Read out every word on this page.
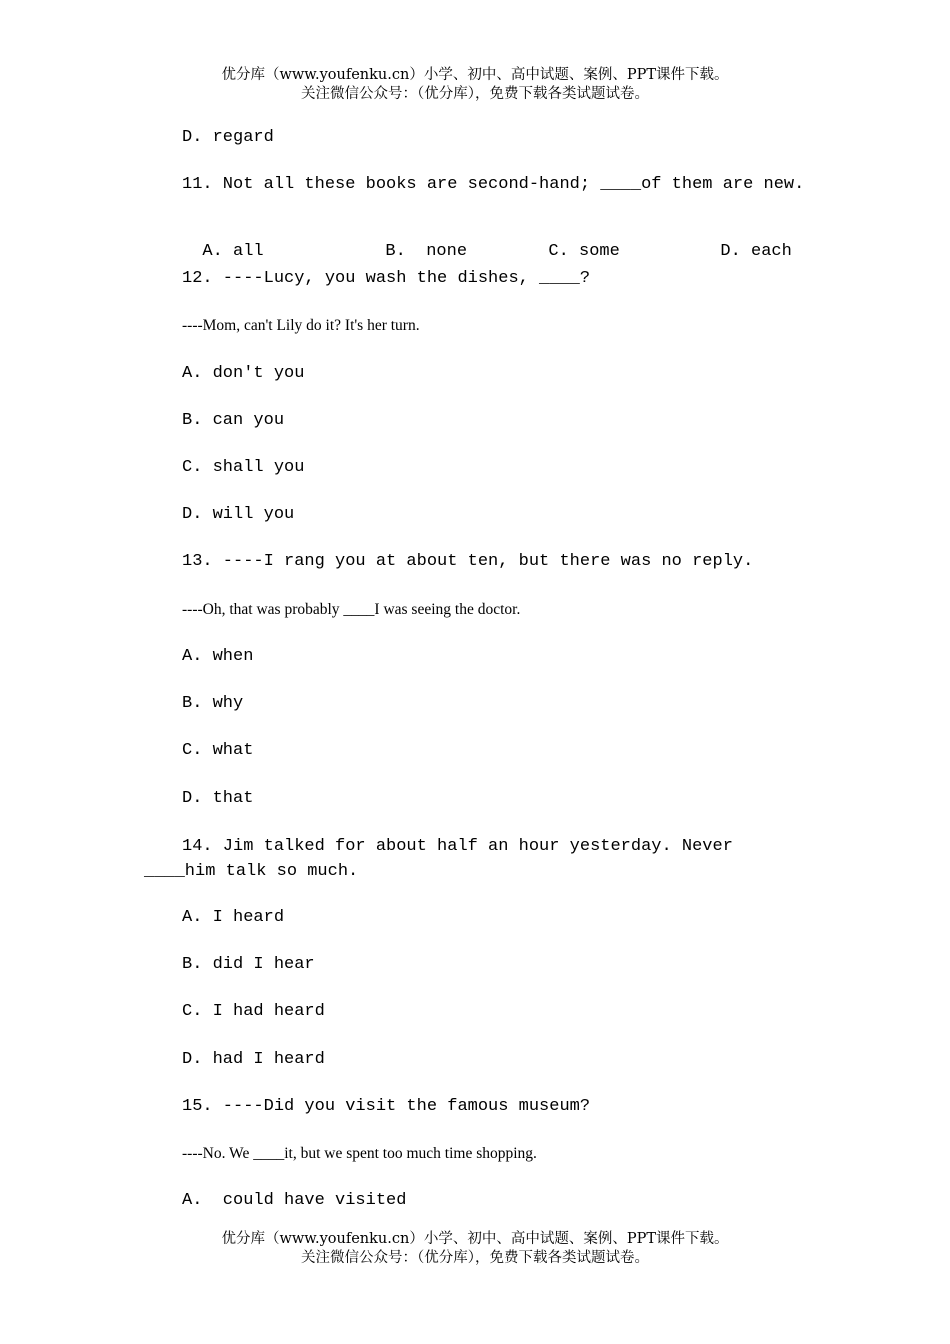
优分库（www.youfenku.cn）小学、初中、高中试题、案例、PPT课件下载。
关注微信公众号：（优分库），免费下载各类试题试卷。
D. regard
11. Not all these books are second-hand; ____of them are new.

A. all	B.  none	C. some	D. each

12. ----Lucy, you wash the dishes, ____?
----Mom, can't Lily do it? It's her turn.
A. don't you
B. can you
C. shall you
D. will you
13. ----I rang you at about ten, but there was no reply.
----Oh, that was probably ____I was seeing the doctor.
A. when
B. why
C. what
D. that
14. Jim talked for about half an hour yesterday. Never ____him talk so much.
A. I heard
B. did I hear
C. I had heard
D. had I heard
15. ----Did you visit the famous museum?
----No. We ____it, but we spent too much time shopping.
A.  could have visited
优分库（www.youfenku.cn）小学、初中、高中试题、案例、PPT课件下载。
关注微信公众号：（优分库），免费下载各类试题试卷。
